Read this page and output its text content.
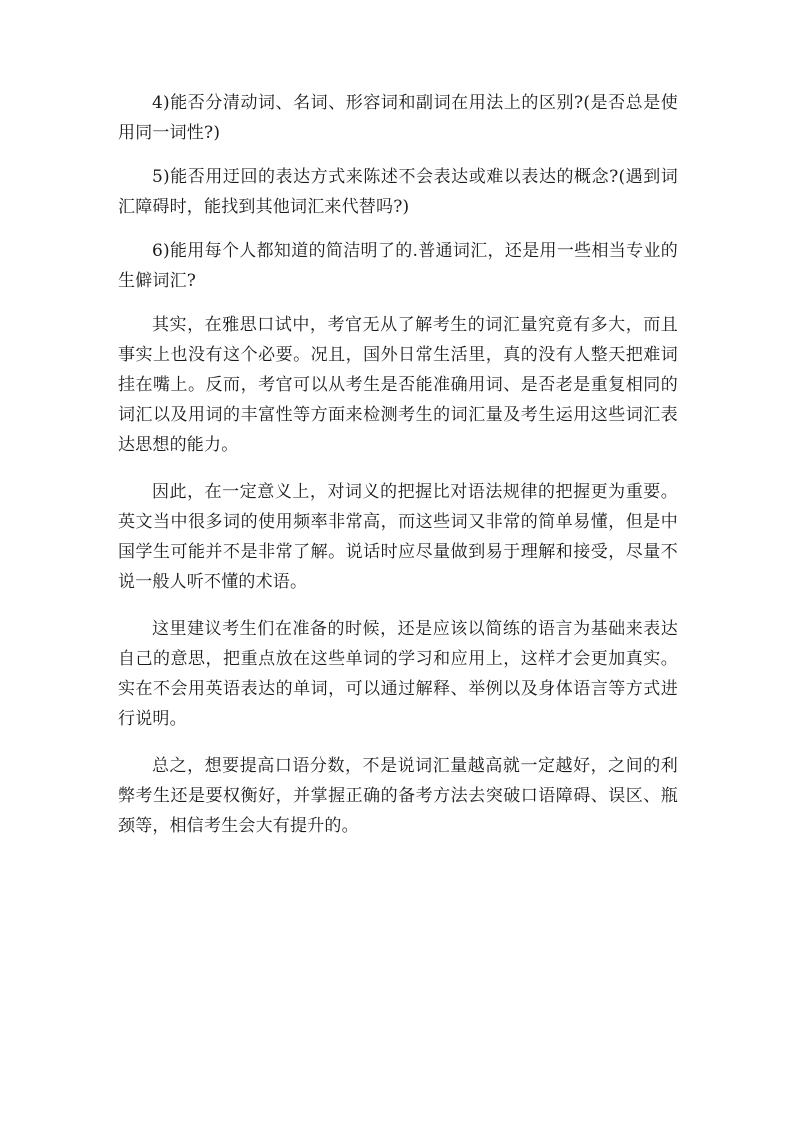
4)能否分清动词、名词、形容词和副词在用法上的区别?(是否总是使用同一词性?)

5)能否用迂回的表达方式来陈述不会表达或难以表达的概念?(遇到词汇障碍时，能找到其他词汇来代替吗?)

6)能用每个人都知道的简洁明了的.普通词汇，还是用一些相当专业的生僻词汇?

其实，在雅思口试中，考官无从了解考生的词汇量究竟有多大，而且事实上也没有这个必要。况且，国外日常生活里，真的没有人整天把难词挂在嘴上。反而，考官可以从考生是否能准确用词、是否老是重复相同的词汇以及用词的丰富性等方面来检测考生的词汇量及考生运用这些词汇表达思想的能力。

因此，在一定意义上，对词义的把握比对语法规律的把握更为重要。英文当中很多词的使用频率非常高，而这些词又非常的简单易懂，但是中国学生可能并不是非常了解。说话时应尽量做到易于理解和接受，尽量不说一般人听不懂的术语。

这里建议考生们在准备的时候，还是应该以简练的语言为基础来表达自己的意思，把重点放在这些单词的学习和应用上，这样才会更加真实。实在不会用英语表达的单词，可以通过解释、举例以及身体语言等方式进行说明。

总之，想要提高口语分数，不是说词汇量越高就一定越好，之间的利弊考生还是要权衡好，并掌握正确的备考方法去突破口语障碍、误区、瓶颈等，相信考生会大有提升的。
